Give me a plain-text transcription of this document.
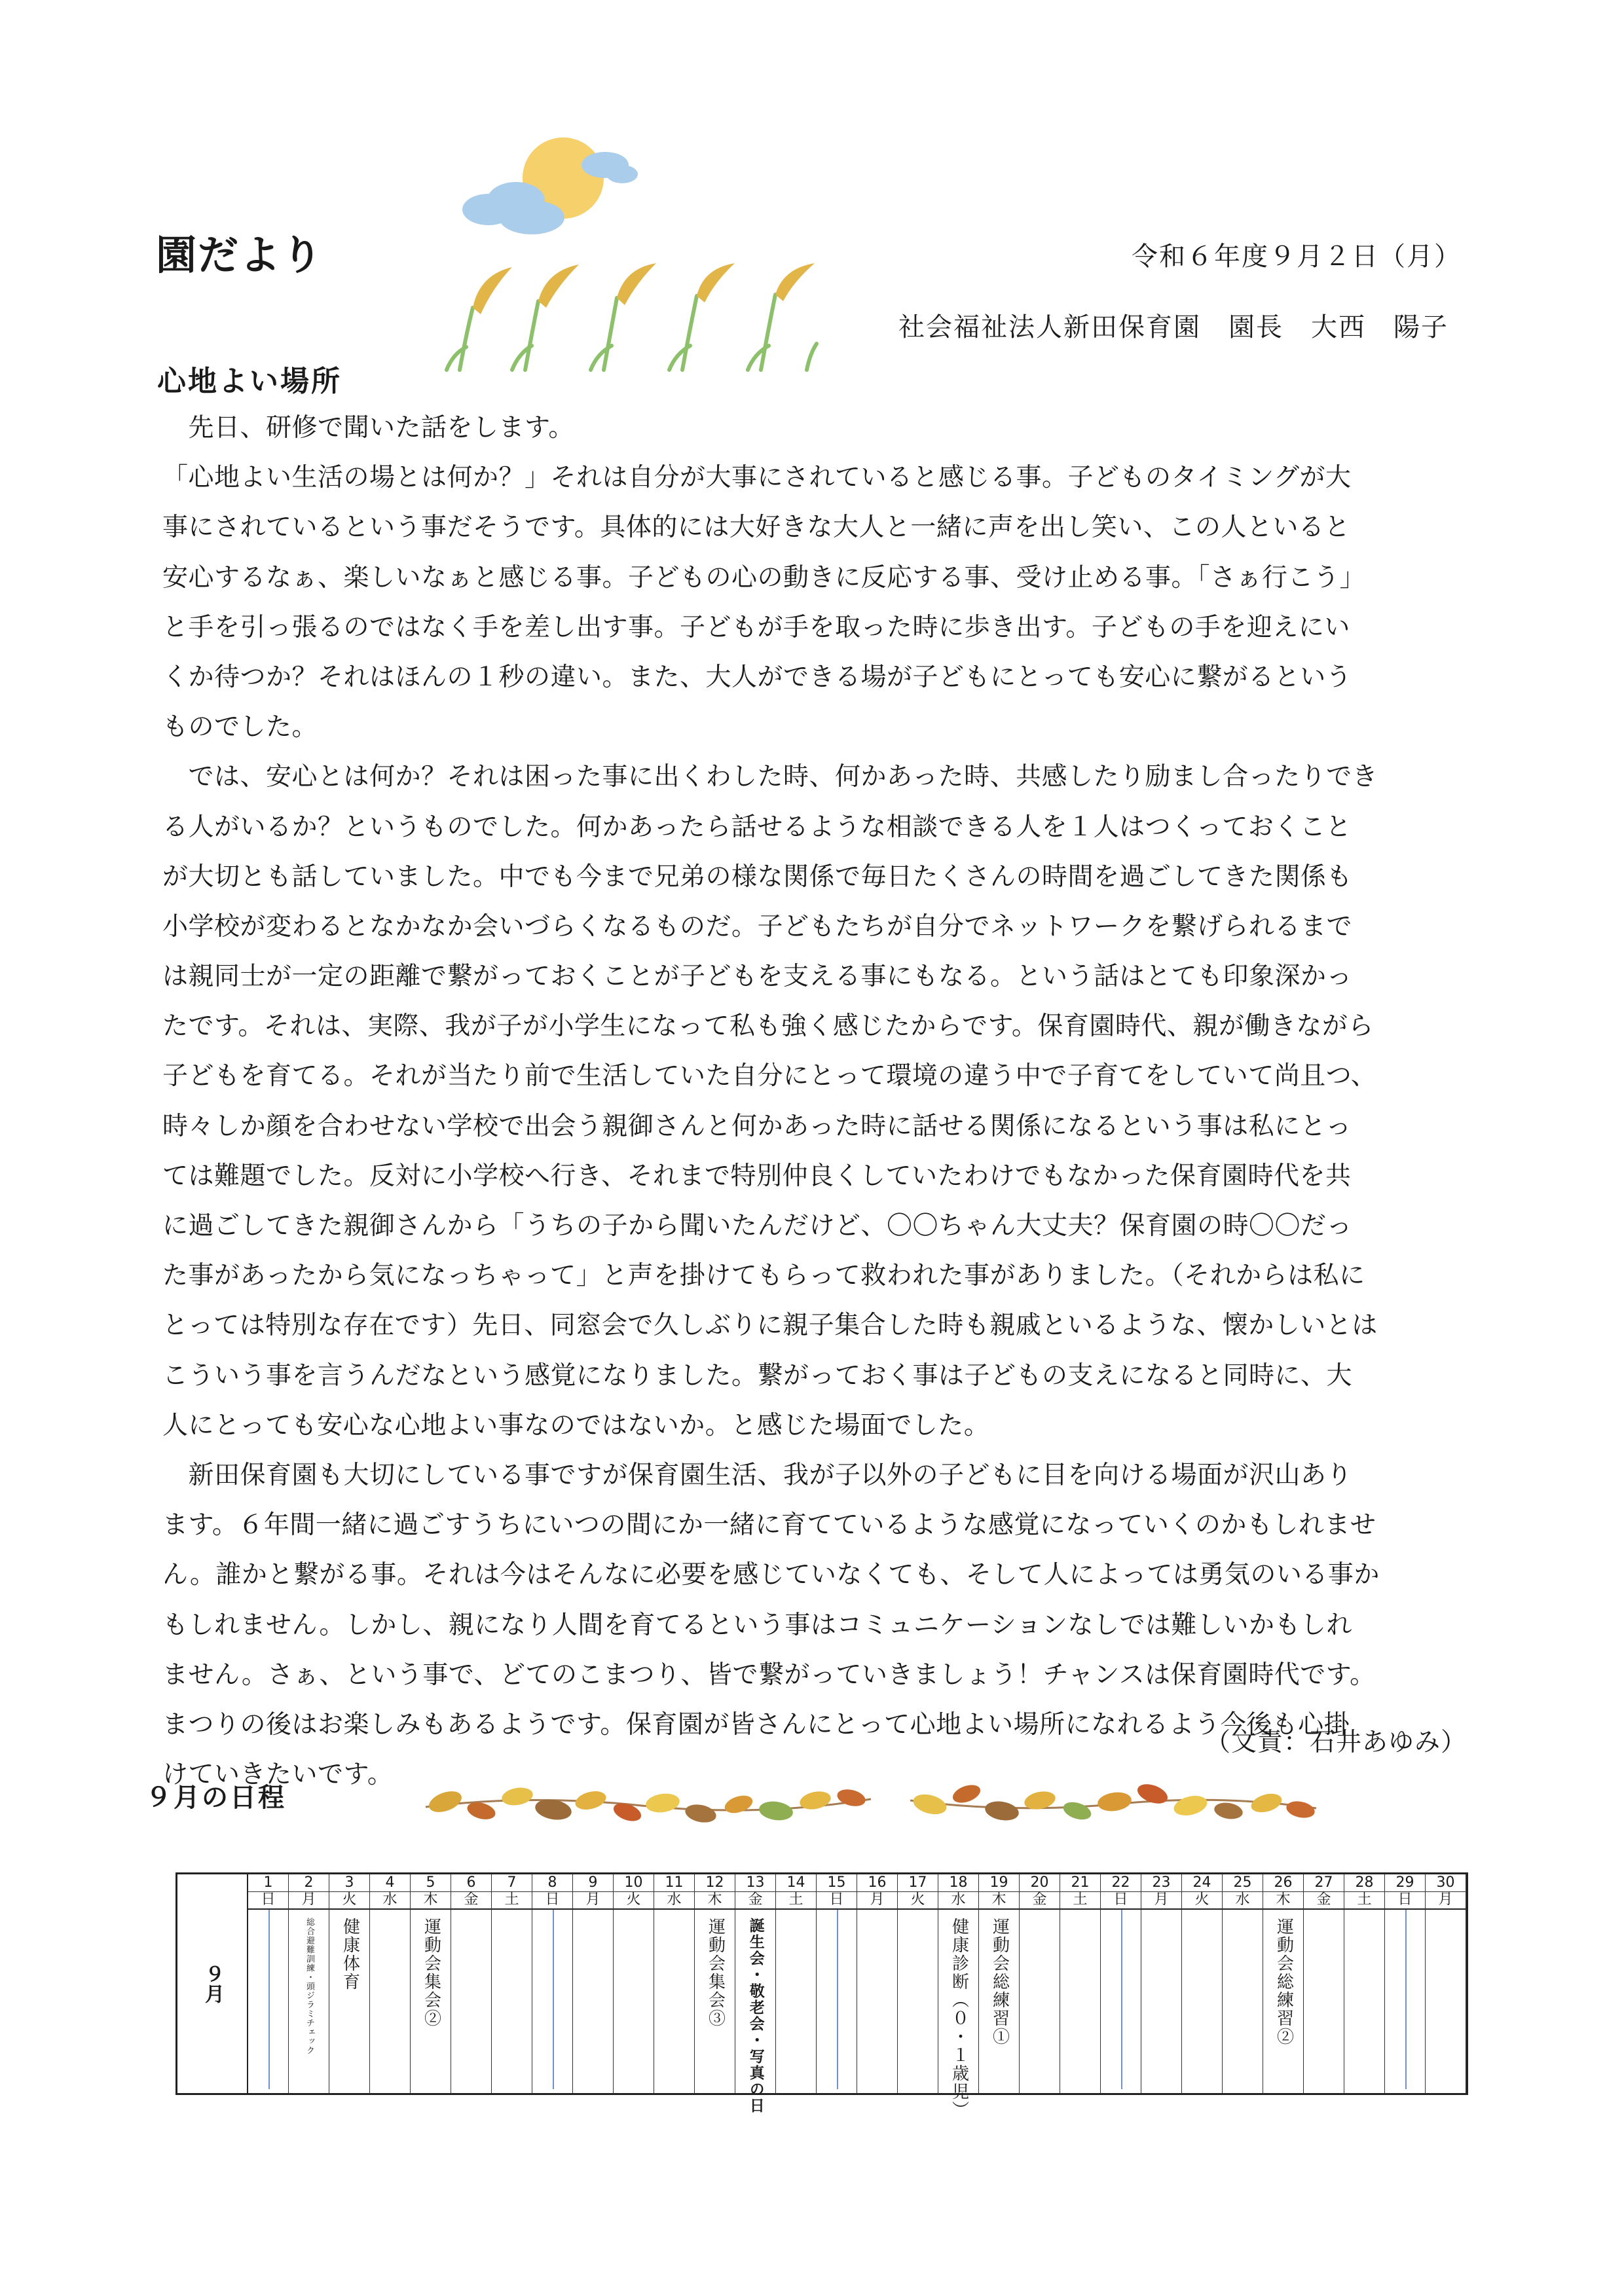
園だより	令和６年度９月２日（月）
社会福祉法人新田保育園　園長　大西　陽子
心地よい場所
　先日、研修で聞いた話をします。
「心地よい生活の場とは何か？」それは自分が大事にされていると感じる事。子どものタイミングが大
事にされているという事だそうです。具体的には大好きな大人と一緒に声を出し笑い、この人といると
安心するなぁ、楽しいなぁと感じる事。子どもの心の動きに反応する事、受け止める事。「さぁ行こう」
と手を引っ張るのではなく手を差し出す事。子どもが手を取った時に歩き出す。子どもの手を迎えにい
くか待つか？それはほんの１秒の違い。また、大人ができる場が子どもにとっても安心に繋がるという
ものでした。
　では、安心とは何か？それは困った事に出くわした時、何かあった時、共感したり励まし合ったりでき
る人がいるか？というものでした。何かあったら話せるような相談できる人を１人はつくっておくこと
が大切とも話していました。中でも今まで兄弟の様な関係で毎日たくさんの時間を過ごしてきた関係も
小学校が変わるとなかなか会いづらくなるものだ。子どもたちが自分でネットワークを繋げられるまで
は親同士が一定の距離で繋がっておくことが子どもを支える事にもなる。という話はとても印象深かっ
たです。それは、実際、我が子が小学生になって私も強く感じたからです。保育園時代、親が働きながら
子どもを育てる。それが当たり前で生活していた自分にとって環境の違う中で子育てをしていて尚且つ、
時々しか顔を合わせない学校で出会う親御さんと何かあった時に話せる関係になるという事は私にとっ
ては難題でした。反対に小学校へ行き、それまで特別仲良くしていたわけでもなかった保育園時代を共
に過ごしてきた親御さんから「うちの子から聞いたんだけど、〇〇ちゃん大丈夫？保育園の時〇〇だっ
た事があったから気になっちゃって」と声を掛けてもらって救われた事がありました。（それからは私に
とっては特別な存在です）先日、同窓会で久しぶりに親子集合した時も親戚といるような、懐かしいとは
こういう事を言うんだなという感覚になりました。繋がっておく事は子どもの支えになると同時に、大
人にとっても安心な心地よい事なのではないか。と感じた場面でした。
　新田保育園も大切にしている事ですが保育園生活、我が子以外の子どもに目を向ける場面が沢山あり
ます。６年間一緒に過ごすうちにいつの間にか一緒に育てているような感覚になっていくのかもしれませ
ん。誰かと繋がる事。それは今はそんなに必要を感じていなくても、そして人によっては勇気のいる事か
もしれません。しかし、親になり人間を育てるという事はコミュニケーションなしでは難しいかもしれ
ません。さぁ、という事で、どてのこまつり、皆で繋がっていきましょう！チャンスは保育園時代です。
まつりの後はお楽しみもあるようです。保育園が皆さんにとって心地よい場所になれるよう今後も心掛
けていきたいです。
（文責：石井あゆみ）
９月の日程
９月
1
日
2
月
総合避難訓練・頭ジラミチェック
3
火
健康体育
4
水
5
木
運動会集会②
6
金
7
土
8
日
9
月
10
火
11
水
12
木
運動会集会③
13
金
誕生会・敬老会・写真の日
14
土
15
日
16
月
17
火
18
水
健康診断（０・１歳児）
19
木
運動会総練習①
20
金
21
土
22
日
23
月
24
火
25
水
26
木
運動会総練習②
27
金
28
土
29
日
30
月
